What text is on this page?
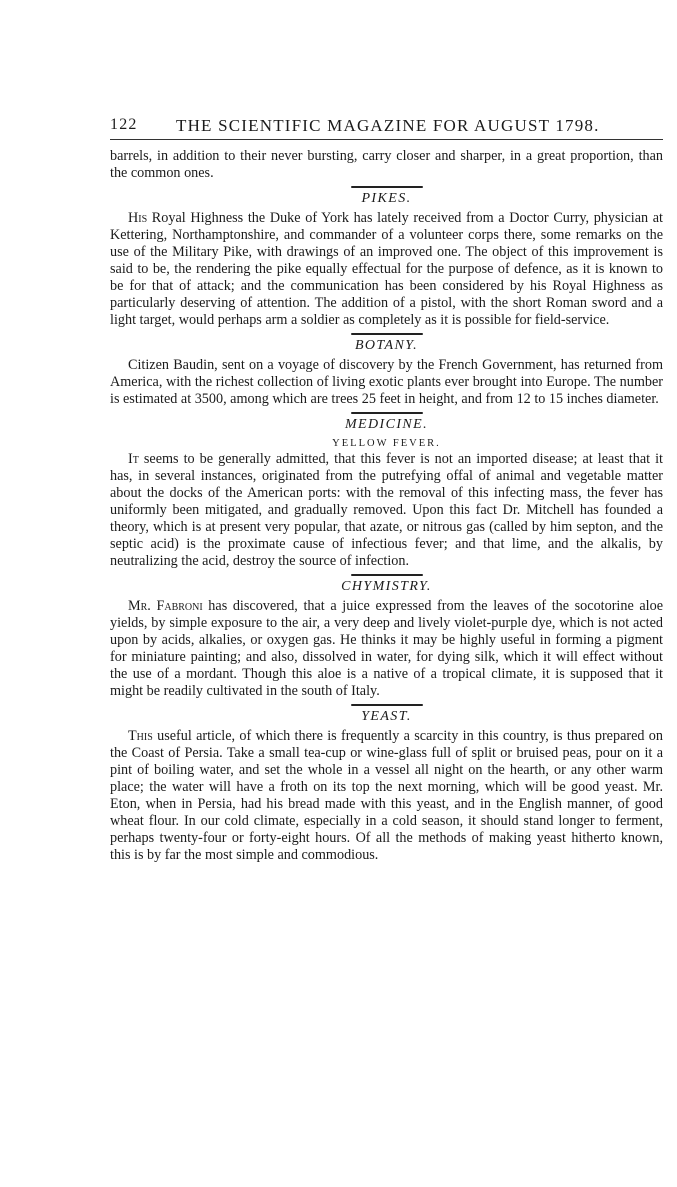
122 THE SCIENTIFIC MAGAZINE FOR AUGUST 1798.

barrels, in addition to their never bursting, carry closer and sharper, in a great proportion, than the common ones.

PIKES.

His Royal Highness the Duke of York has lately received from a Doctor Curry, physician at Kettering, Northamptonshire, and commander of a volunteer corps there, some remarks on the use of the Military Pike, with drawings of an improved one. The object of this improvement is said to be, the rendering the pike equally effectual for the purpose of defence, as it is known to be for that of attack; and the communication has been considered by his Royal Highness as particularly deserving of attention. The addition of a pistol, with the short Roman sword and a light target, would perhaps arm a soldier as completely as it is possible for field-service.

BOTANY.

Citizen Baudin, sent on a voyage of discovery by the French Government, has returned from America, with the richest collection of living exotic plants ever brought into Europe. The number is estimated at 3500, among which are trees 25 feet in height, and from 12 to 15 inches diameter.

MEDICINE.
YELLOW FEVER.

It seems to be generally admitted, that this fever is not an imported disease; at least that it has, in several instances, originated from the putrefying offal of animal and vegetable matter about the docks of the American ports: with the removal of this infecting mass, the fever has uniformly been mitigated, and gradually removed. Upon this fact Dr. Mitchell has founded a theory, which is at present very popular, that azate, or nitrous gas (called by him septon, and the septic acid) is the proximate cause of infectious fever; and that lime, and the alkalis, by neutralizing the acid, destroy the source of infection.

CHYMISTRY.

Mr. Fabroni has discovered, that a juice expressed from the leaves of the socotorine aloe yields, by simple exposure to the air, a very deep and lively violet-purple dye, which is not acted upon by acids, alkalies, or oxygen gas. He thinks it may be highly useful in forming a pigment for miniature painting; and also, dissolved in water, for dying silk, which it will effect without the use of a mordant. Though this aloe is a native of a tropical climate, it is supposed that it might be readily cultivated in the south of Italy.

YEAST.

This useful article, of which there is frequently a scarcity in this country, is thus prepared on the Coast of Persia. Take a small tea-cup or wine-glass full of split or bruised peas, pour on it a pint of boiling water, and set the whole in a vessel all night on the hearth, or any other warm place; the water will have a froth on its top the next morning, which will be good yeast. Mr. Eton, when in Persia, had his bread made with this yeast, and in the English manner, of good wheat flour. In our cold climate, especially in a cold season, it should stand longer to ferment, perhaps twenty-four or forty-eight hours. Of all the methods of making yeast hitherto known, this is by far the most simple and commodious.
